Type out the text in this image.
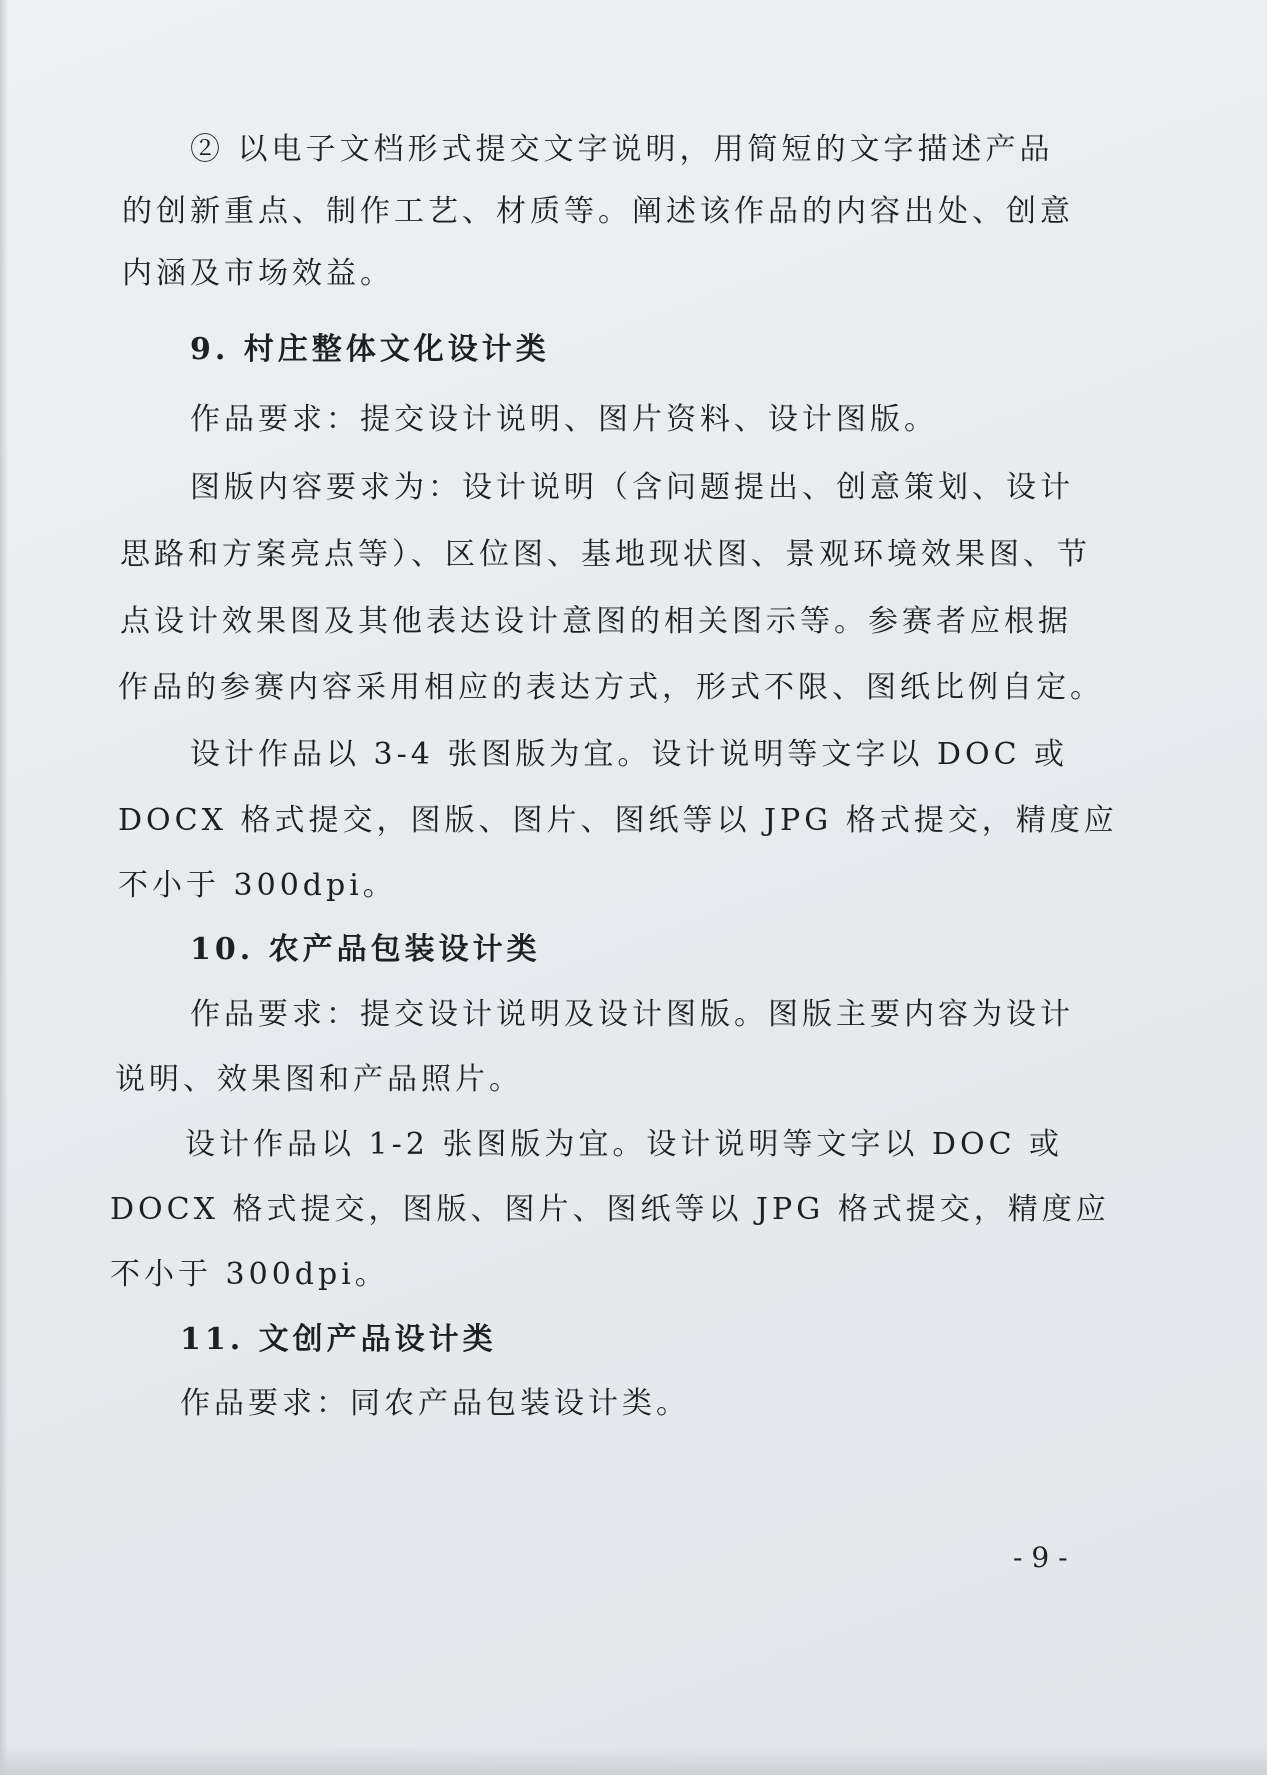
② 以电子文档形式提交文字说明，用简短的文字描述产品

的创新重点、制作工艺、材质等。阐述该作品的内容出处、创意

内涵及市场效益。

9. 村庄整体文化设计类

作品要求：提交设计说明、图片资料、设计图版。

图版内容要求为：设计说明（含问题提出、创意策划、设计

思路和方案亮点等）、区位图、基地现状图、景观环境效果图、节

点设计效果图及其他表达设计意图的相关图示等。参赛者应根据

作品的参赛内容采用相应的表达方式，形式不限、图纸比例自定。

设计作品以 3-4 张图版为宜。设计说明等文字以 DOC 或

DOCX 格式提交，图版、图片、图纸等以 JPG 格式提交，精度应

不小于 300dpi。

10. 农产品包装设计类

作品要求：提交设计说明及设计图版。图版主要内容为设计

说明、效果图和产品照片。

设计作品以 1-2 张图版为宜。设计说明等文字以 DOC 或

DOCX 格式提交，图版、图片、图纸等以 JPG 格式提交，精度应

不小于 300dpi。

11. 文创产品设计类

作品要求：同农产品包装设计类。

- 9 -
